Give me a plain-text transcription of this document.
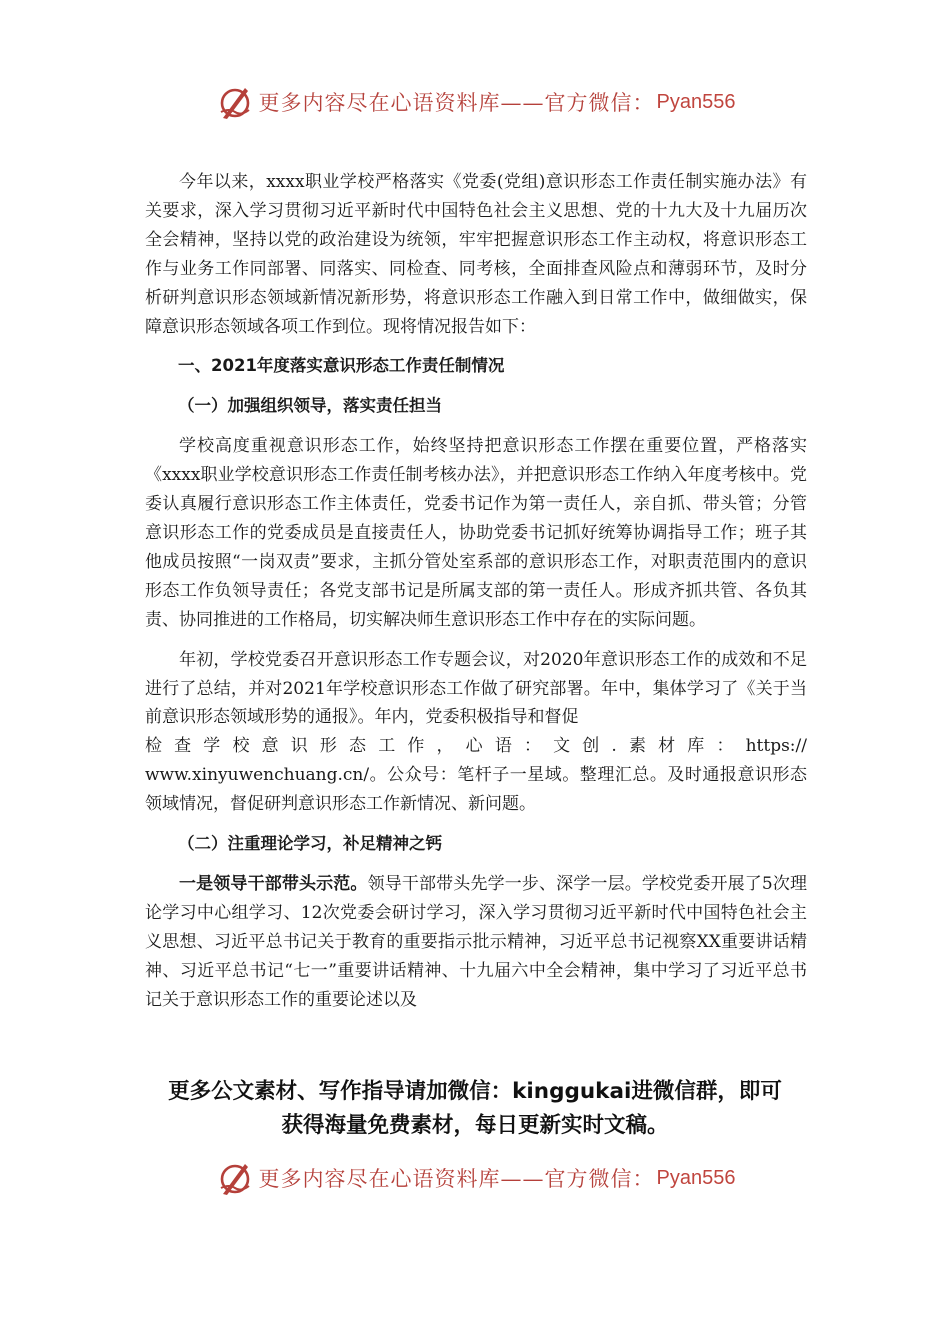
更多内容尽在心语资料库——官方微信： Pyan556

今年以来，xxxx职业学校严格落实《党委(党组)意识形态工作责任制实施办法》有关要求，深入学习贯彻习近平新时代中国特色社会主义思想、党的十九大及十九届历次全会精神，坚持以党的政治建设为统领，牢牢把握意识形态工作主动权，将意识形态工作与业务工作同部署、同落实、同检查、同考核，全面排查风险点和薄弱环节，及时分析研判意识形态领域新情况新形势，将意识形态工作融入到日常工作中，做细做实，保障意识形态领域各项工作到位。现将情况报告如下：

一、2021年度落实意识形态工作责任制情况

（一）加强组织领导，落实责任担当

学校高度重视意识形态工作，始终坚持把意识形态工作摆在重要位置，严格落实《xxxx职业学校意识形态工作责任制考核办法》，并把意识形态工作纳入年度考核中。党委认真履行意识形态工作主体责任，党委书记作为第一责任人，亲自抓、带头管；分管意识形态工作的党委成员是直接责任人，协助党委书记抓好统筹协调指导工作；班子其他成员按照“一岗双责”要求，主抓分管处室系部的意识形态工作，对职责范围内的意识形态工作负领导责任；各党支部书记是所属支部的第一责任人。形成齐抓共管、各负其责、协同推进的工作格局，切实解决师生意识形态工作中存在的实际问题。

年初，学校党委召开意识形态工作专题会议，对2020年意识形态工作的成效和不足进行了总结，并对2021年学校意识形态工作做了研究部署。年中，集体学习了《关于当前意识形态领域形势的通报》。年内，党委积极指导和督促

检查学校意识形态工作，心语：文创.素材库：https://

www.xinyuwenchuang.cn/。公众号：笔杆子一星域。整理汇总。及时通报意识形态领域情况，督促研判意识形态工作新情况、新问题。

（二）注重理论学习，补足精神之钙

一是领导干部带头示范。领导干部带头先学一步、深学一层。学校党委开展了5次理论学习中心组学习、12次党委会研讨学习，深入学习贯彻习近平新时代中国特色社会主义思想、习近平总书记关于教育的重要指示批示精神，习近平总书记视察XX重要讲话精神、习近平总书记“七一”重要讲话精神、十九届六中全会精神，集中学习了习近平总书记关于意识形态工作的重要论述以及

更多公文素材、写作指导请加微信：kinggukai进微信群，即可
获得海量免费素材，每日更新实时文稿。
更多内容尽在心语资料库——官方微信： Pyan556
